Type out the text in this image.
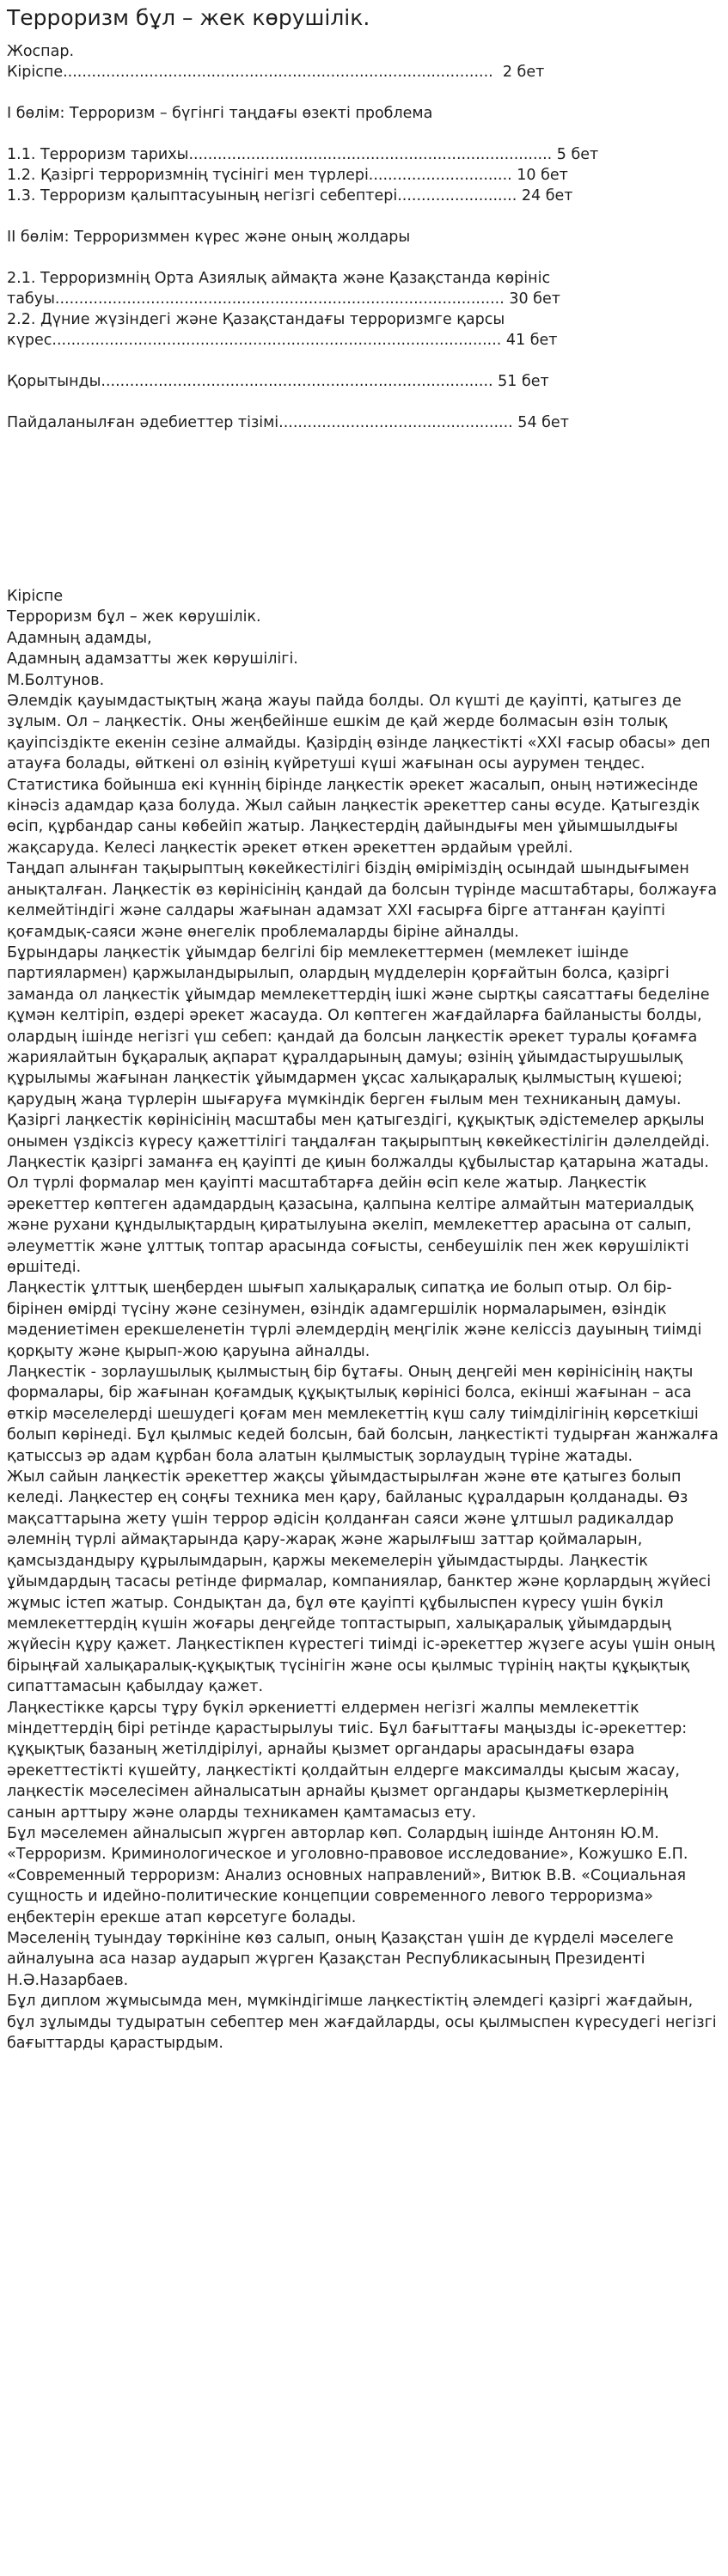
Терроризм бұл – жек көрушілік.

Жоспар.

Кіріспе..........................................................................................  2 бет

I бөлім: Терроризм – бүгінгі таңдағы өзекті проблема

1.1. Терроризм тарихы............................................................................ 5 бет

1.2. Қазіргі терроризмнің түсінігі мен түрлері.............................. 10 бет

1.3. Терроризм қалыптасуының негізгі себептері......................... 24 бет

II бөлім: Терроризммен күрес және оның жолдары

2.1. Терроризмнің Орта Азиялық аймақта және Қазақстанда көрініс табуы.............................................................................................. 30 бет

2.2. Дүние жүзіндегі және Қазақстандағы терроризмге қарсы күрес.............................................................................................. 41 бет

Қорытынды.................................................................................. 51 бет

Пайдаланылған әдебиеттер тізімі................................................. 54 бет

Кіріспе

Терроризм бұл – жек көрушілік.

Адамның адамды,

Адамның адамзатты жек көрушілігі.

М.Болтунов.

Әлемдік қауымдастықтың жаңа жауы пайда болды. Ол күшті де қауіпті, қатыгез де зұлым. Ол – лаңкестік. Оны жеңбейінше ешкім де қай жерде болмасын өзін толық қауіпсіздікте екенін сезіне алмайды. Қазірдің өзінде лаңкестікті «ХХІ ғасыр обасы» деп атауға болады, өйткені ол өзінің күйретуші күші жағынан осы аурумен теңдес. Статистика бойынша екі күннің бірінде лаңкестік әрекет жасалып, оның нәтижесінде кінәсіз адамдар қаза болуда. Жыл сайын лаңкестік әрекеттер саны өсуде. Қатыгездік өсіп, құрбандар саны көбейіп жатыр. Лаңкестердің дайындығы мен ұйымшылдығы жақсаруда. Келесі лаңкестік әрекет өткен әрекеттен әрдайым үрейлі.

Таңдап алынған тақырыптың көкейкестілігі біздің өміріміздің осындай шындығымен анықталған. Лаңкестік өз көрінісінің қандай да болсын түрінде масштабтары, болжауға келмейтіндігі және салдары жағынан адамзат ХХІ ғасырға бірге аттанған қауіпті қоғамдық-саяси және өнегелік проблемаларды біріне айналды.

Бұрындары лаңкестік ұйымдар белгілі бір мемлекеттермен (мемлекет ішінде партиялармен) қаржыландырылып, олардың мүдделерін қорғайтын болса, қазіргі заманда ол лаңкестік ұйымдар мемлекеттердің ішкі және сыртқы саясаттағы беделіне құмән келтіріп, өздері әрекет жасауда. Ол көптеген жағдайларға байланысты болды, олардың ішінде негізгі үш себеп: қандай да болсын лаңкестік әрекет туралы қоғамға жариялайтын бұқаралық ақпарат құралдарының дамуы; өзінің ұйымдастырушылық құрылымы жағынан лаңкестік ұйымдармен ұқсас халықаралық қылмыстың күшеюі; қарудың жаңа түрлерін шығаруға мүмкіндік берген ғылым мен техниканың дамуы.

Қазіргі лаңкестік көрінісінің масштабы мен қатыгездігі, құқықтық әдістемелер арқылы онымен үздіксіз күресу қажеттілігі таңдалған тақырыптың көкейкестілігін дәлелдейді.

Лаңкестік қазіргі заманға ең қауіпті де қиын болжалды құбылыстар қатарына жатады. Ол түрлі формалар мен қауіпті масштабтарға дейін өсіп келе жатыр. Лаңкестік әрекеттер көптеген адамдардың қазасына, қалпына келтіре алмайтын материалдық және рухани құндылықтардың қиратылуына әкеліп, мемлекеттер арасына от салып, әлеуметтік және ұлттық топтар арасында соғысты, сенбеушілік пен жек көрушілікті өршітеді.

Лаңкестік ұлттық шеңберден шығып халықаралық сипатқа ие болып отыр. Ол бір-бірінен өмірді түсіну және сезінумен, өзіндік адамгершілік нормаларымен, өзіндік мәдениетімен ерекшеленетін түрлі әлемдердің меңгілік және келіссіз дауының тиімді қорқыту және қырып-жою қаруына айналды.

Лаңкестік - зорлаушылық қылмыстың бір бұтағы. Оның деңгейі мен көрінісінің нақты формалары, бір жағынан қоғамдық құқықтылық көрінісі болса, екінші жағынан – аса өткір мәселелерді шешудегі қоғам мен мемлекеттің күш салу тиімділігінің көрсеткіші болып көрінеді. Бұл қылмыс кедей болсын, бай болсын, лаңкестікті тудырған жанжалға қатыссыз әр адам құрбан бола алатын қылмыстық зорлаудың түріне жатады.

Жыл сайын лаңкестік әрекеттер жақсы ұйымдастырылған және өте қатыгез болып келеді. Лаңкестер ең соңғы техника мен қару, байланыс құралдарын қолданады. Өз мақсаттарына жету үшін террор әдісін қолданған саяси және ұлтшыл радикалдар әлемнің түрлі аймақтарында қару-жарақ және жарылғыш заттар қоймаларын, қамсыздандыру құрылымдарын, қаржы мекемелерін ұйымдастырды. Лаңкестік ұйымдардың тасасы ретінде фирмалар, компаниялар, банктер және қорлардың жүйесі жұмыс істеп жатыр. Сондықтан да, бұл өте қауіпті құбылыспен күресу үшін бүкіл мемлекеттердің күшін жоғары деңгейде топтастырып, халықаралық ұйымдардың жүйесін құру қажет. Лаңкестікпен күрестегі тиімді іс-әрекеттер жүзеге асуы үшін оның бірыңғай халықаралық-құқықтық түсінігін және осы қылмыс түрінің нақты құқықтық сипаттамасын қабылдау қажет.

Лаңкестікке қарсы тұру бүкіл әркениетті елдермен негізгі жалпы мемлекеттік міндеттердің бірі ретінде қарастырылуы тиіс. Бұл бағыттағы маңызды іс-әрекеттер: құқықтық базаның жетілдірілуі, арнайы қызмет органдары арасындағы өзара әрекеттестікті күшейту, лаңкестікті қолдайтын елдерге максималды қысым жасау, лаңкестік мәселесімен айналысатын арнайы қызмет органдары қызметкерлерінің санын арттыру және оларды техникамен қамтамасыз ету.

Бұл мәселемен айналысып жүрген авторлар көп. Солардың ішінде Антонян Ю.М. «Терроризм. Криминологическое и уголовно-правовое исследование», Кожушко Е.П. «Современный терроризм: Анализ основных направлений», Витюк В.В. «Социальная сущность и идейно-политические концепции современного левого терроризма» еңбектерін ерекше атап көрсетуге болады.

Мәселенің туындау төркініне көз салып, оның Қазақстан үшін де күрделі мәселеге айналуына аса назар аударып жүрген Қазақстан Республикасының Президенті Н.Ә.Назарбаев.

Бұл диплом жұмысымда мен, мүмкіндігімше лаңкестіктің әлемдегі қазіргі жағдайын, бұл зұлымды тудыратын себептер мен жағдайларды, осы қылмыспен күресудегі негізгі бағыттарды қарастырдым.
